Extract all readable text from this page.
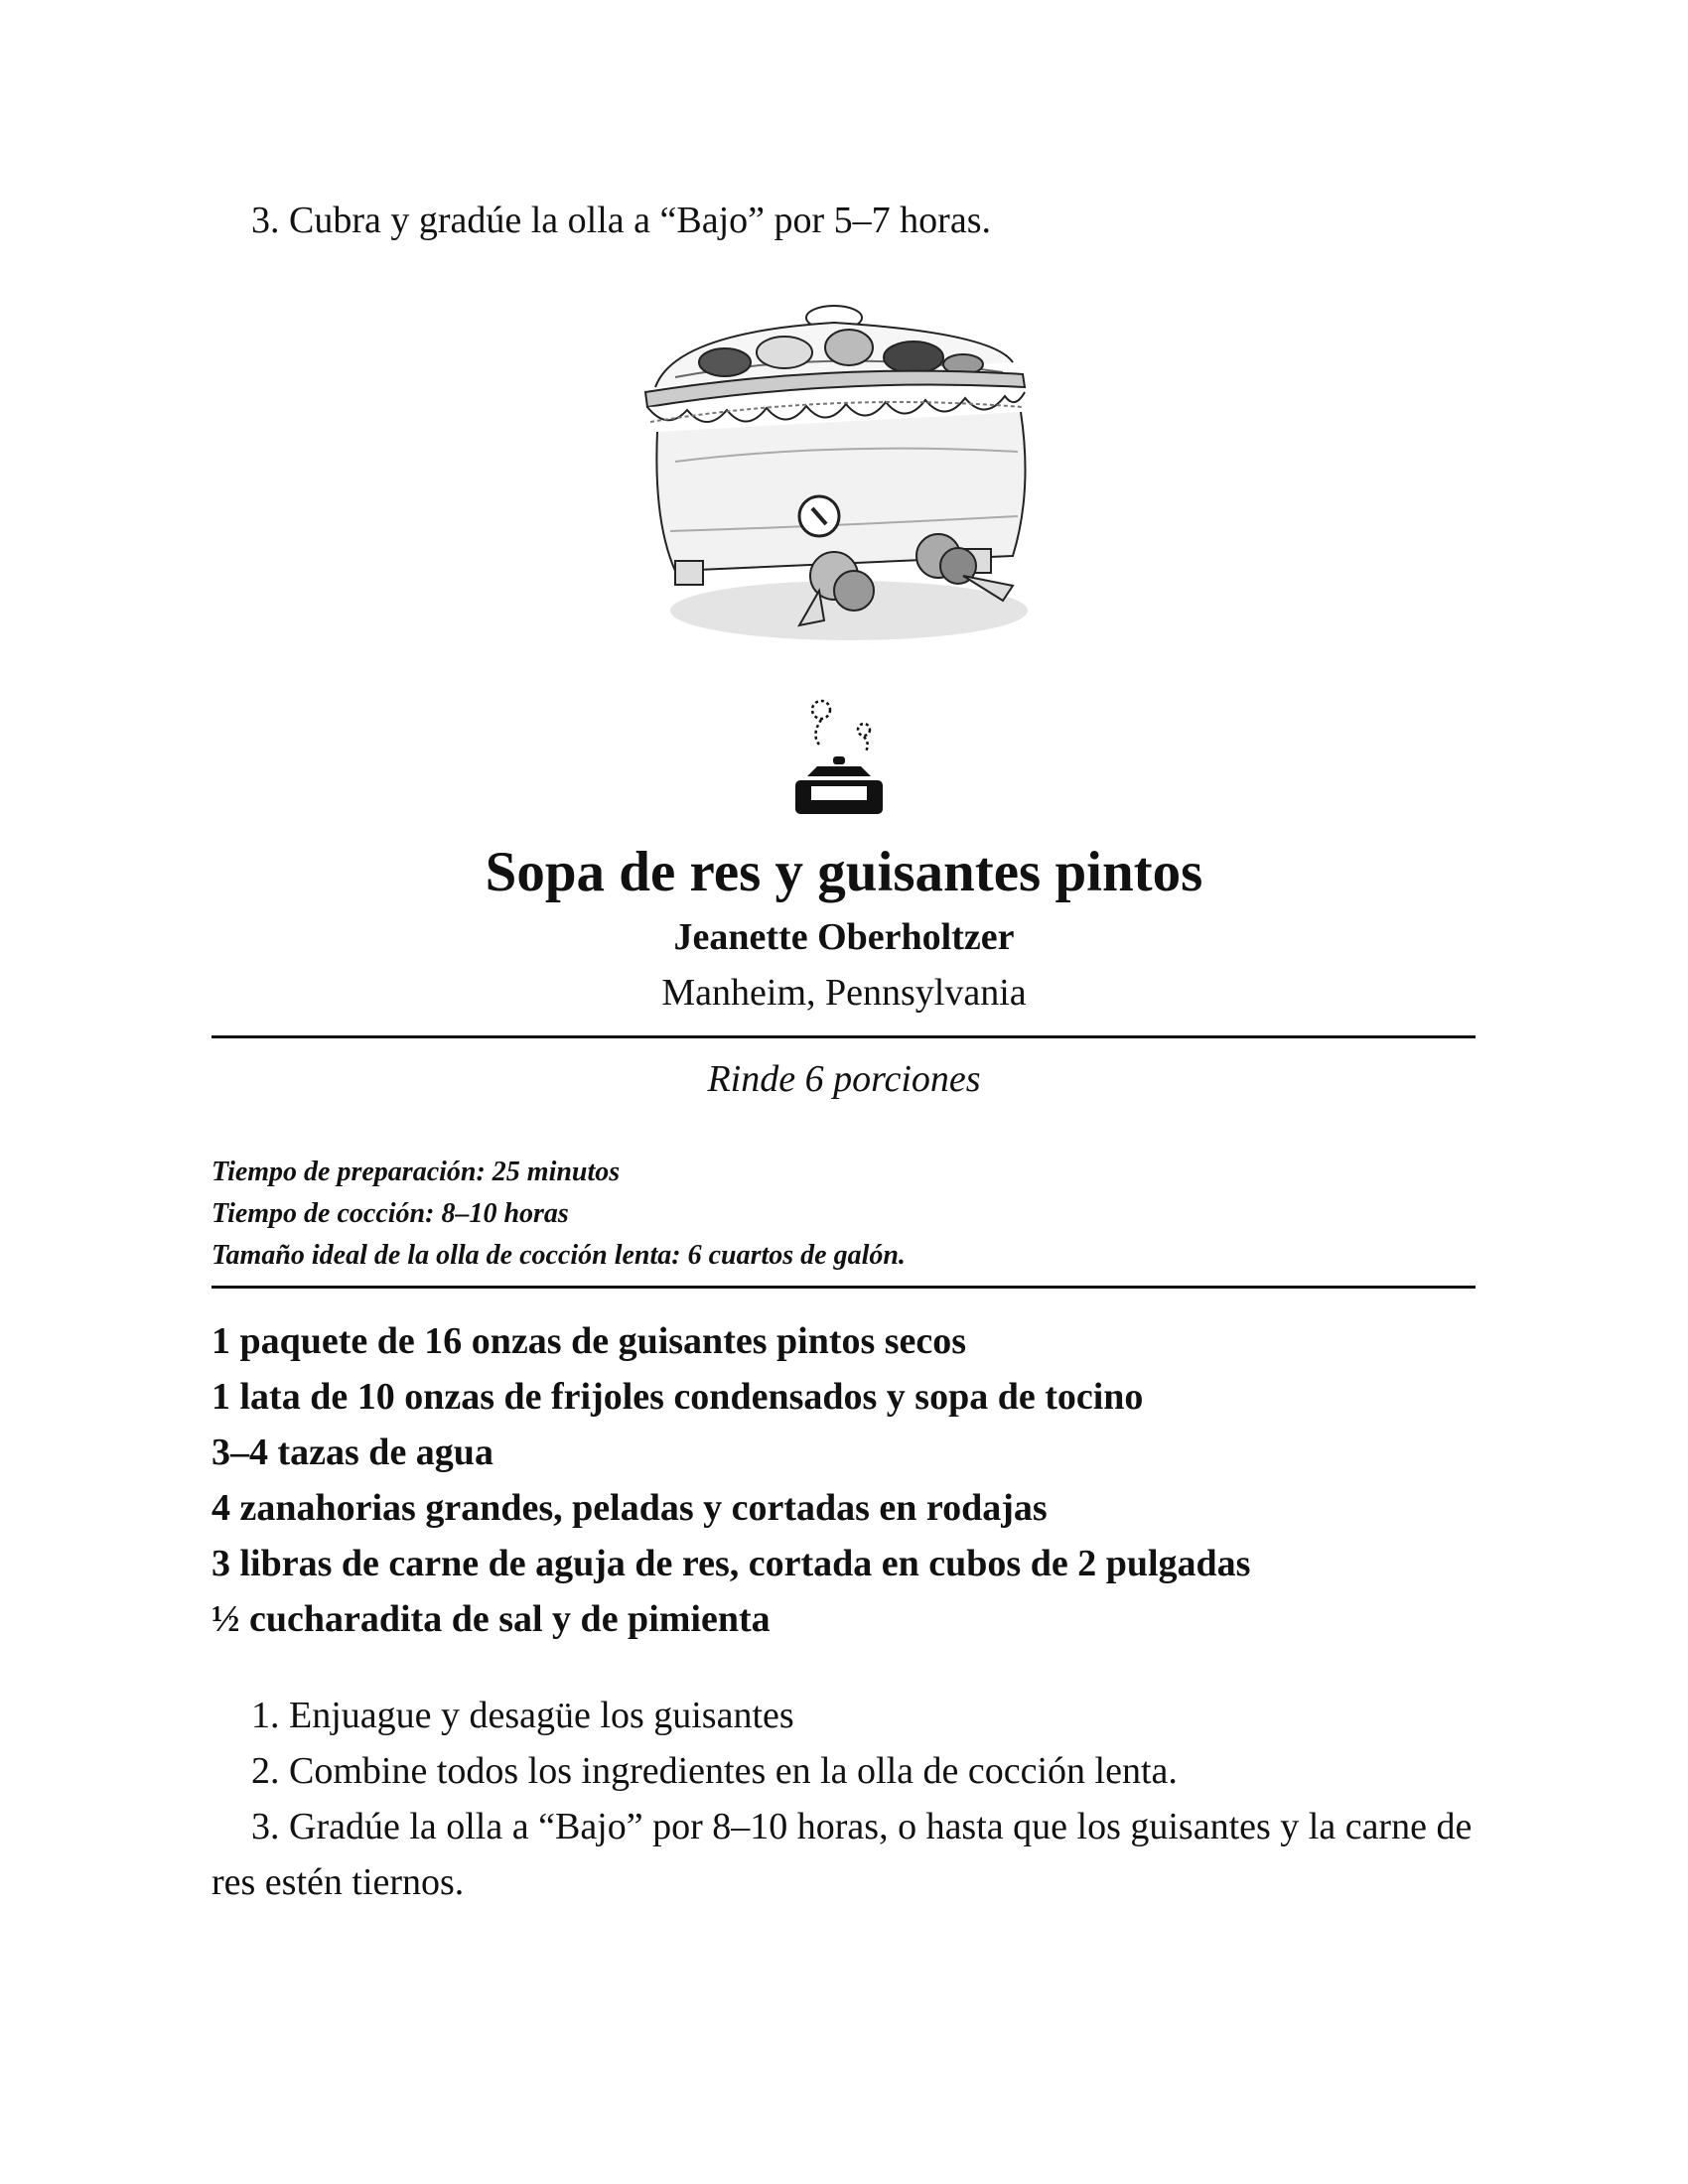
3. Cubra y gradúe la olla a “Bajo” por 5–7 horas.

Sopa de res y guisantes pintos
Jeanette Oberholtzer
Manheim, Pennsylvania
Rinde 6 porciones
Tiempo de preparación: 25 minutos
Tiempo de cocción: 8–10 horas
Tamaño ideal de la olla de cocción lenta: 6 cuartos de galón.
1 paquete de 16 onzas de guisantes pintos secos
1 lata de 10 onzas de frijoles condensados y sopa de tocino
3–4 tazas de agua
4 zanahorias grandes, peladas y cortadas en rodajas
3 libras de carne de aguja de res, cortada en cubos de 2 pulgadas
½ cucharadita de sal y de pimienta

1. Enjuague y desagüe los guisantes

2. Combine todos los ingredientes en la olla de cocción lenta.

3. Gradúe la olla a “Bajo” por 8–10 horas, o hasta que los guisantes y la carne de res estén tiernos.
